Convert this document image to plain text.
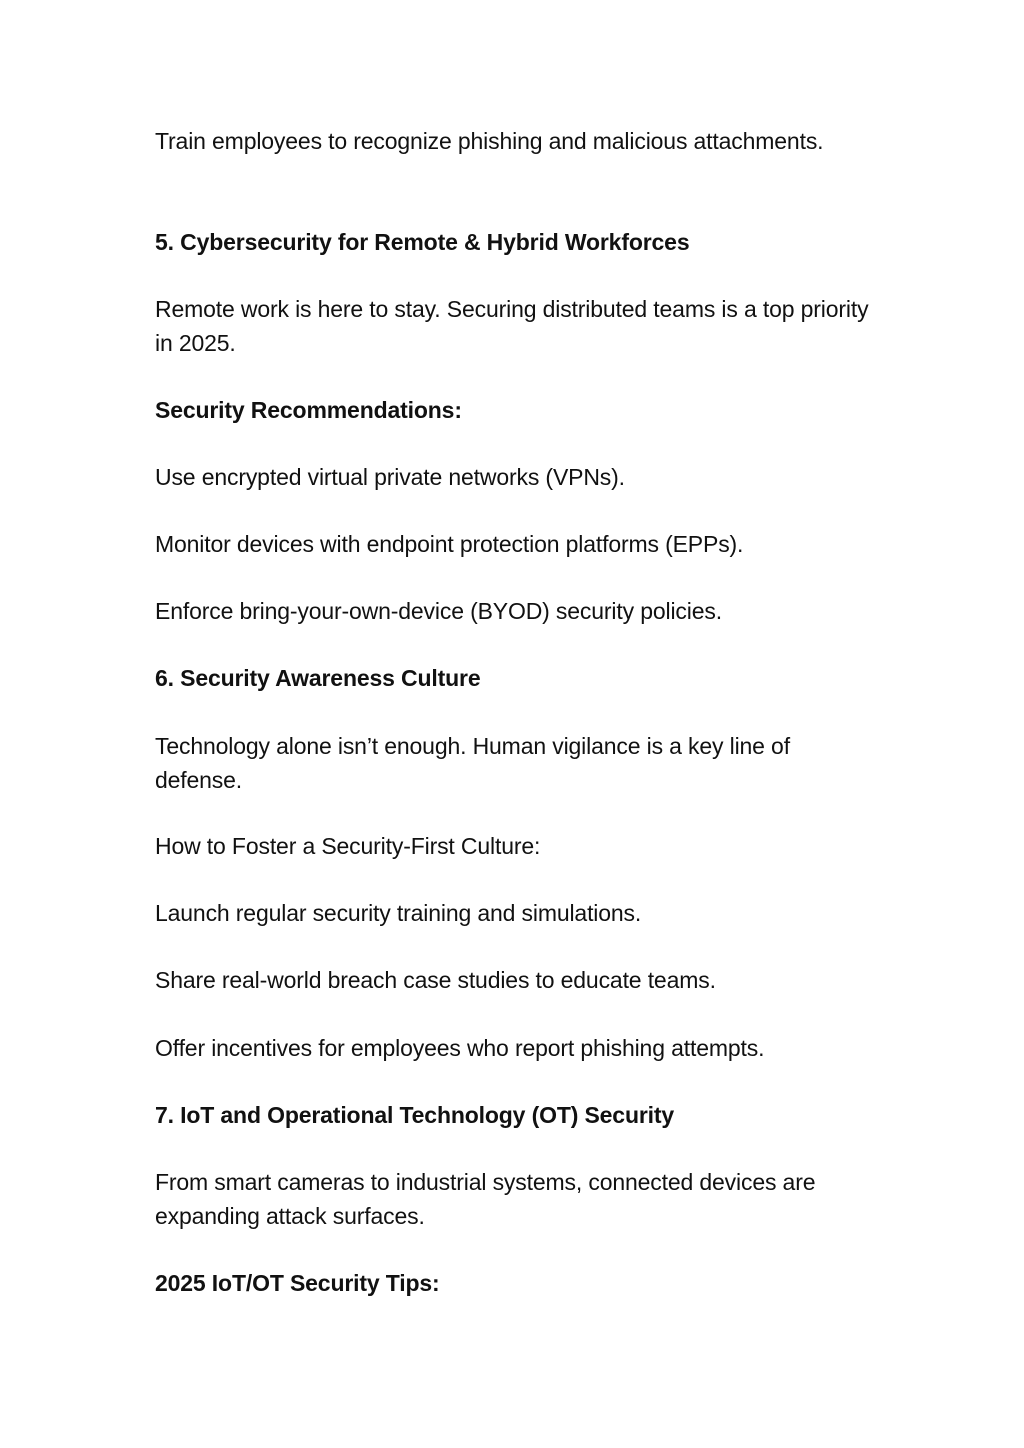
Train employees to recognize phishing and malicious attachments.
5. Cybersecurity for Remote & Hybrid Workforces
Remote work is here to stay. Securing distributed teams is a top priority in 2025.
Security Recommendations:
Use encrypted virtual private networks (VPNs).
Monitor devices with endpoint protection platforms (EPPs).
Enforce bring-your-own-device (BYOD) security policies.
6. Security Awareness Culture
Technology alone isn’t enough. Human vigilance is a key line of defense.
How to Foster a Security-First Culture:
Launch regular security training and simulations.
Share real-world breach case studies to educate teams.
Offer incentives for employees who report phishing attempts.
7. IoT and Operational Technology (OT) Security
From smart cameras to industrial systems, connected devices are expanding attack surfaces.
2025 IoT/OT Security Tips:
